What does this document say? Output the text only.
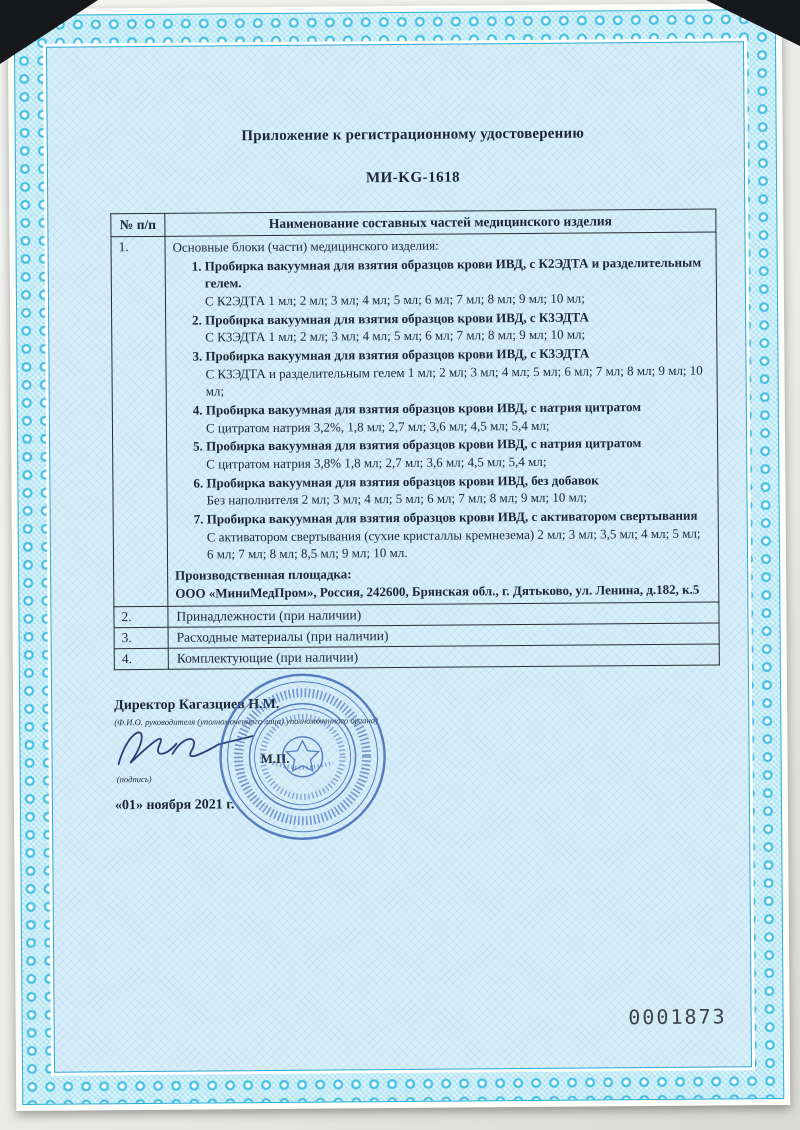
Приложение к регистрационному удостоверению
МИ-KG-1618
№ п/п	Наименование составных частей медицинского изделия
1.	Основные блоки (части) медицинского изделия:

1. Пробирка вакуумная для взятия образцов крови ИВД, с К2ЭДТА и разделительным гелем.
С К2ЭДТА 1 мл; 2 мл; 3 мл; 4 мл; 5 мл; 6 мл; 7 мл; 8 мл; 9 мл; 10 мл;
2. Пробирка вакуумная для взятия образцов крови ИВД, с К3ЭДТА
С К3ЭДТА 1 мл; 2 мл; 3 мл; 4 мл; 5 мл; 6 мл; 7 мл; 8 мл; 9 мл; 10 мл;
3. Пробирка вакуумная для взятия образцов крови ИВД, с К3ЭДТА
С К3ЭДТА и разделительным гелем 1 мл; 2 мл; 3 мл; 4 мл; 5 мл; 6 мл; 7 мл; 8 мл; 9 мл; 10 мл;
4. Пробирка вакуумная для взятия образцов крови ИВД, с натрия цитратом
С цитратом натрия 3,2%, 1,8 мл; 2,7 мл; 3,6 мл; 4,5 мл; 5,4 мл;
5. Пробирка вакуумная для взятия образцов крови ИВД, с натрия цитратом
С цитратом натрия 3,8% 1,8 мл; 2,7 мл; 3,6 мл; 4,5 мл; 5,4 мл;
6. Пробирка вакуумная для взятия образцов крови ИВД, без добавок
Без наполнителя 2 мл; 3 мл; 4 мл; 5 мл; 6 мл; 7 мл; 8 мл; 9 мл; 10 мл;
7. Пробирка вакуумная для взятия образцов крови ИВД, с активатором свертывания
С активатором свертывания (сухие кристаллы кремнезема) 2 мл; 3 мл; 3,5 мл; 4 мл; 5 мл; 6 мл; 7 мл; 8 мл; 8,5 мл; 9 мл; 10 мл.

Производственная площадка:

ООО «МиниМедПром», Россия, 242600, Брянская обл., г. Дятьково, ул. Ленина, д.182, к.5

2.	Принадлежности (при наличии)
3.	Расходные материалы (при наличии)
4.	Комплектующие (при наличии)
Директор Кагазциев Н.М.
(Ф.И.О. руководителя (уполномоченного лица) уполномоченного органа)
М.П.
(подпись)
«01» ноября 2021 г.
0001873
